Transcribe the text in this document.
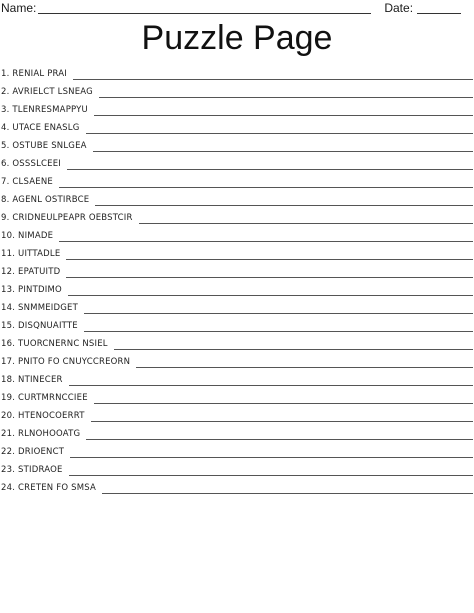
Name:	Date:
Puzzle Page
1. RENIAL PRAI
2. AVRIELCT LSNEAG
3. TLENRESMAPPYU
4. UTACE ENASLG
5. OSTUBE SNLGEA
6. OSSSLCEEI
7. CLSAENE
8. AGENL OSTIRBCE
9. CRIDNEULPEAPR OEBSTCIR
10. NIMADE
11. UITTADLE
12. EPATUITD
13. PINTDIMO
14. SNMMEIDGET
15. DISQNUAITTE
16. TUORCNERNC NSIEL
17. PNITO FO CNUYCCREORN
18. NTINECER
19. CURTMRNCCIEE
20. HTENOCOERRT
21. RLNOHOOATG
22. DRIOENCT
23. STIDRAOE
24. CRETEN FO SMSA
